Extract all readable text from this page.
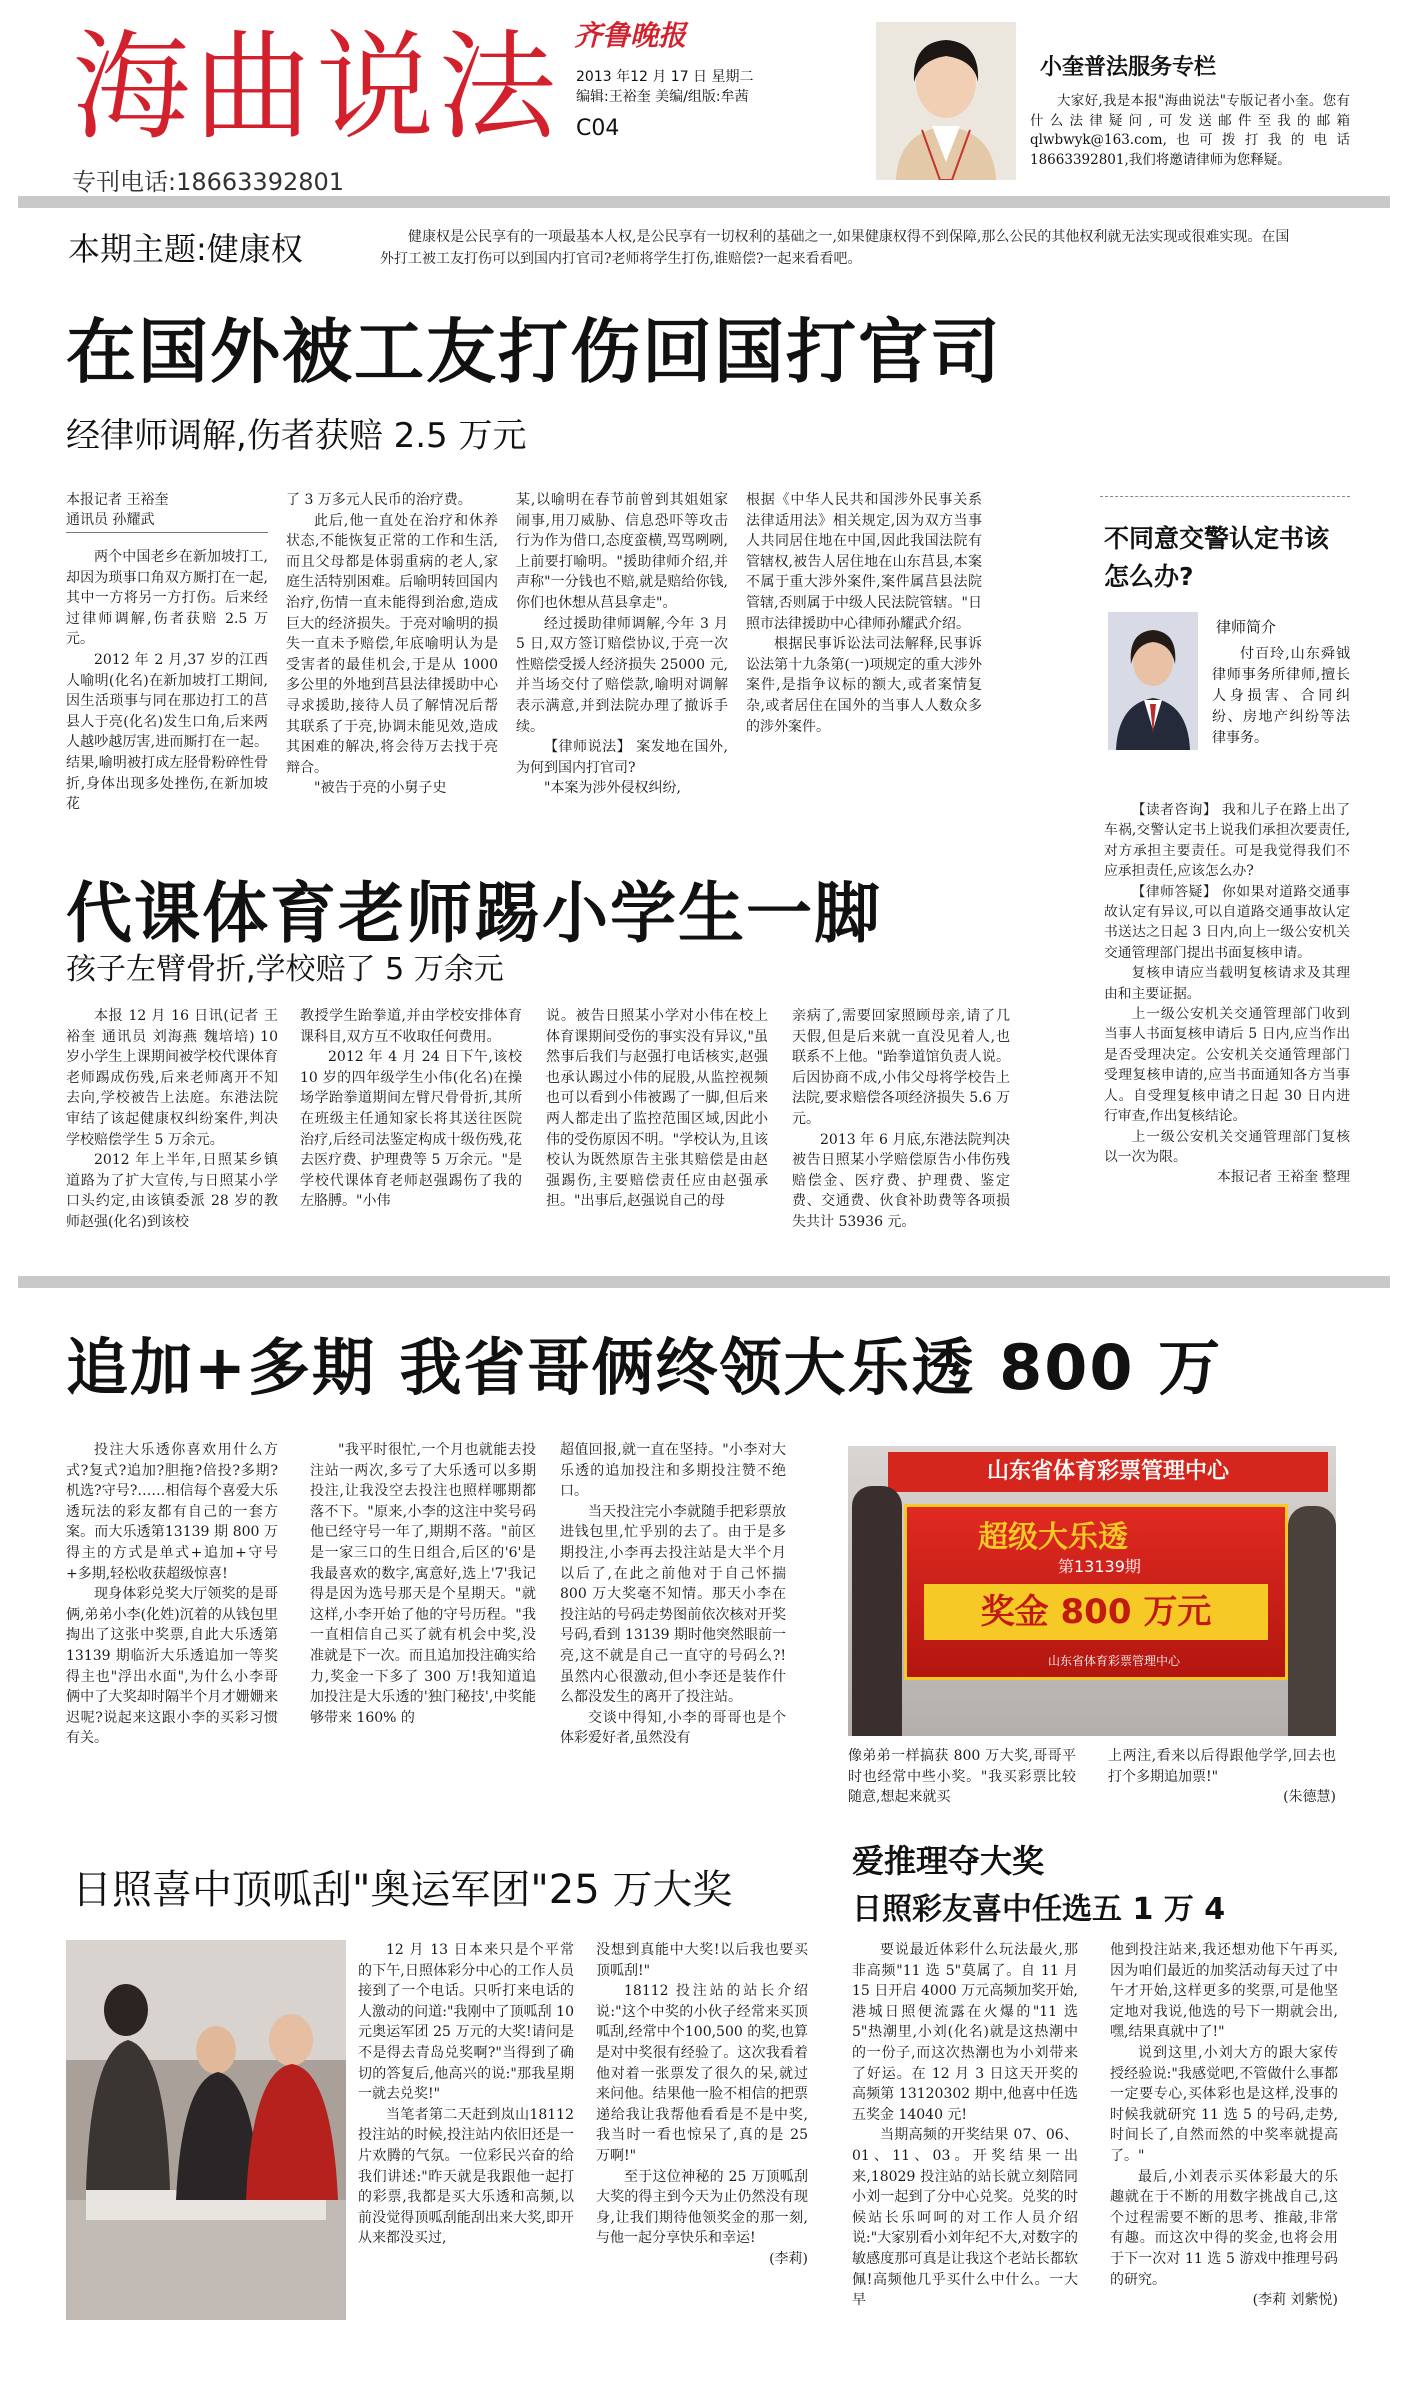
海曲说法 齐鲁晚报
2013 年12 月 17 日 星期二
编辑:王裕奎 美编/组版:牟茜
C04
专刊电话:18663392801
小奎普法服务专栏
大家好,我是本报"海曲说法"专版记者小奎。您有什么法律疑问,可发送邮件至我的邮箱qlwbwyk@163.com,也可拨打我的电话18663392801,我们将邀请律师为您释疑。
本期主题:健康权	健康权是公民享有的一项最基本人权,是公民享有一切权利的基础之一,如果健康权得不到保障,那么公民的其他权利就无法实现或很难实现。在国外打工被工友打伤可以到国内打官司?老师将学生打伤,谁赔偿?一起来看看吧。
在国外被工友打伤回国打官司
经律师调解,伤者获赔 2.5 万元
本报记者 王裕奎
通讯员 孙耀武

两个中国老乡在新加坡打工,却因为琐事口角双方厮打在一起,其中一方将另一方打伤。后来经过律师调解,伤者获赔 2.5 万元。

2012 年 2 月,37 岁的江西人喻明(化名)在新加坡打工期间,因生活琐事与同在那边打工的莒县人于亮(化名)发生口角,后来两人越吵越厉害,进而厮打在一起。结果,喻明被打成左胫骨粉碎性骨折,身体出现多处挫伤,在新加坡花

了 3 万多元人民币的治疗费。

此后,他一直处在治疗和休养状态,不能恢复正常的工作和生活,而且父母都是体弱重病的老人,家庭生活特别困难。后喻明转回国内治疗,伤情一直未能得到治愈,造成巨大的经济损失。于亮对喻明的损失一直未予赔偿,年底喻明认为是受害者的最佳机会,于是从 1000 多公里的外地到莒县法律援助中心寻求援助,接待人员了解情况后帮其联系了于亮,协调未能见效,造成其困难的解决,将会待万去找于亮辩合。

"被告于亮的小舅子史

某,以喻明在春节前曾到其姐姐家闹事,用刀威胁、信息恐吓等攻击行为作为借口,态度蛮横,骂骂咧咧,上前要打喻明。"援助律师介绍,并声称"一分钱也不赔,就是赔给你钱,你们也休想从莒县拿走"。

经过援助律师调解,今年 3 月 5 日,双方签订赔偿协议,于亮一次性赔偿受援人经济损失 25000 元,并当场交付了赔偿款,喻明对调解表示满意,并到法院办理了撤诉手续。

【律师说法】 案发地在国外,为何到国内打官司?

"本案为涉外侵权纠纷,

根据《中华人民共和国涉外民事关系法律适用法》相关规定,因为双方当事人共同居住地在中国,因此我国法院有管辖权,被告人居住地在山东莒县,本案不属于重大涉外案件,案件属莒县法院管辖,否则属于中级人民法院管辖。"日照市法律援助中心律师孙耀武介绍。

根据民事诉讼法司法解释,民事诉讼法第十九条第(一)项规定的重大涉外案件,是指争议标的额大,或者案情复杂,或者居住在国外的当事人人数众多的涉外案件。

代课体育老师踢小学生一脚
孩子左臂骨折,学校赔了 5 万余元

本报 12 月 16 日讯(记者 王裕奎 通讯员 刘海燕 魏培培) 10 岁小学生上课期间被学校代课体育老师踢成伤残,后来老师离开不知去向,学校被告上法庭。东港法院审结了该起健康权纠纷案件,判决学校赔偿学生 5 万余元。

2012 年上半年,日照某乡镇道路为了扩大宣传,与日照某小学口头约定,由该镇委派 28 岁的教师赵强(化名)到该校

教授学生跆拳道,并由学校安排体育课科目,双方互不收取任何费用。

2012 年 4 月 24 日下午,该校 10 岁的四年级学生小伟(化名)在操场学跆拳道期间左臂尺骨骨折,其所在班级主任通知家长将其送往医院治疗,后经司法鉴定构成十级伤残,花去医疗费、护理费等 5 万余元。"是学校代课体育老师赵强踢伤了我的左胳膊。"小伟

说。被告日照某小学对小伟在校上体育课期间受伤的事实没有异议,"虽然事后我们与赵强打电话核实,赵强也承认踢过小伟的屁股,从监控视频也可以看到小伟被踢了一脚,但后来两人都走出了监控范围区域,因此小伟的受伤原因不明。"学校认为,且该校认为既然原告主张其赔偿是由赵强踢伤,主要赔偿责任应由赵强承担。"出事后,赵强说自己的母

亲病了,需要回家照顾母亲,请了几天假,但是后来就一直没见着人,也联系不上他。"跆拳道馆负责人说。后因协商不成,小伟父母将学校告上法院,要求赔偿各项经济损失 5.6 万元。

2013 年 6 月底,东港法院判决被告日照某小学赔偿原告小伟伤残赔偿金、医疗费、护理费、鉴定费、交通费、伙食补助费等各项损失共计 53936 元。

不同意交警认定书该怎么办?
律师简介
付百玲,山东舜钺律师事务所律师,擅长人身损害、合同纠纷、房地产纠纷等法律事务。

【读者咨询】 我和儿子在路上出了车祸,交警认定书上说我们承担次要责任,对方承担主要责任。可是我觉得我们不应承担责任,应该怎么办?

【律师答疑】 你如果对道路交通事故认定有异议,可以自道路交通事故认定书送达之日起 3 日内,向上一级公安机关交通管理部门提出书面复核申请。

复核申请应当载明复核请求及其理由和主要证据。

上一级公安机关交通管理部门收到当事人书面复核申请后 5 日内,应当作出是否受理决定。公安机关交通管理部门受理复核申请的,应当书面通知各方当事人。自受理复核申请之日起 30 日内进行审查,作出复核结论。

上一级公安机关交通管理部门复核以一次为限。

本报记者 王裕奎 整理

追加+多期 我省哥俩终领大乐透 800 万

投注大乐透你喜欢用什么方式?复式?追加?胆拖?倍投?多期?机选?守号?……相信每个喜爱大乐透玩法的彩友都有自己的一套方案。而大乐透第13139 期 800 万得主的方式是单式+追加+守号+多期,轻松收获超级惊喜!

现身体彩兑奖大厅领奖的是哥俩,弟弟小李(化姓)沉着的从钱包里掏出了这张中奖票,自此大乐透第 13139 期临沂大乐透追加一等奖得主也"浮出水面",为什么小李哥俩中了大奖却时隔半个月才姗姗来迟呢?说起来这跟小李的买彩习惯有关。

"我平时很忙,一个月也就能去投注站一两次,多亏了大乐透可以多期投注,让我没空去投注也照样哪期都落不下。"原来,小李的这注中奖号码他已经守号一年了,期期不落。"前区是一家三口的生日组合,后区的'6'是我最喜欢的数字,寓意好,选上'7'我记得是因为选号那天是个星期天。"就这样,小李开始了他的守号历程。"我一直相信自己买了就有机会中奖,没准就是下一次。而且追加投注确实给力,奖金一下多了 300 万!我知道追加投注是大乐透的'独门秘技',中奖能够带来 160% 的

超值回报,就一直在坚持。"小李对大乐透的追加投注和多期投注赞不绝口。

当天投注完小李就随手把彩票放进钱包里,忙乎别的去了。由于是多期投注,小李再去投注站是大半个月以后了,在此之前他对于自己怀揣 800 万大奖毫不知情。那天小李在投注站的号码走势图前依次核对开奖号码,看到 13139 期时他突然眼前一亮,这不就是自己一直守的号码么?!虽然内心很激动,但小李还是装作什么都没发生的离开了投注站。

交谈中得知,小李的哥哥也是个体彩爱好者,虽然没有

山东省体育彩票管理中心
超级大乐透
第13139期
奖金 800 万元
山东省体育彩票管理中心

像弟弟一样搞获 800 万大奖,哥哥平时也经常中些小奖。"我买彩票比较随意,想起来就买

上两注,看来以后得跟他学学,回去也打个多期追加票!"

(朱德慧)

日照喜中顶呱刮"奥运军团"25 万大奖

12 月 13 日本来只是个平常的下午,日照体彩分中心的工作人员接到了一个电话。只听打来电话的人激动的问道:"我刚中了顶呱刮 10 元奥运军团 25 万元的大奖!请问是不是得去青岛兑奖啊?"当得到了确切的答复后,他高兴的说:"那我星期一就去兑奖!"

当笔者第二天赶到岚山18112 投注站的时候,投注站内依旧还是一片欢腾的气氛。一位彩民兴奋的给我们讲述:"昨天就是我跟他一起打的彩票,我都是买大乐透和高频,以前没觉得顶呱刮能刮出来大奖,即开从来都没买过,

没想到真能中大奖!以后我也要买顶呱刮!"

18112 投注站的站长介绍说:"这个中奖的小伙子经常来买顶呱刮,经常中个100,500 的奖,也算是对中奖很有经验了。这次我看着他对着一张票发了很久的呆,就过来问他。结果他一脸不相信的把票递给我让我帮他看看是不是中奖,我当时一看也惊呆了,真的是 25 万啊!"

至于这位神秘的 25 万顶呱刮大奖的得主到今天为止仍然没有现身,让我们期待他领奖金的那一刻,与他一起分享快乐和幸运!

(李莉)

爱推理夺大奖
日照彩友喜中任选五 1 万 4

要说最近体彩什么玩法最火,那非高频"11 选 5"莫属了。自 11 月 15 日开启 4000 万元高频加奖开始,港城日照便流露在火爆的"11 选 5"热潮里,小刘(化名)就是这热潮中的一份子,而这次热潮也为小刘带来了好运。在 12 月 3 日这天开奖的高频第 13120302 期中,他喜中任选五奖金 14040 元!

当期高频的开奖结果 07、06、01、11、03。开奖结果一出来,18029 投注站的站长就立刻陪同小刘一起到了分中心兑奖。兑奖的时候站长乐呵呵的对工作人员介绍说:"大家别看小刘年纪不大,对数字的敏感度那可真是让我这个老站长都软佩!高频他几乎买什么中什么。一大早

他到投注站来,我还想劝他下午再买,因为咱们最近的加奖活动每天过了中午才开始,这样更多的奖票,可是他坚定地对我说,他选的号下一期就会出,嘿,结果真就中了!"

说到这里,小刘大方的跟大家传授经验说:"我感觉吧,不管做什么事都一定要专心,买体彩也是这样,没事的时候我就研究 11 选 5 的号码,走势,时间长了,自然而然的中奖率就提高了。"

最后,小刘表示买体彩最大的乐趣就在于不断的用数字挑战自己,这个过程需要不断的思考、推敲,非常有趣。而这次中得的奖金,也将会用于下一次对 11 选 5 游戏中推理号码的研究。

(李莉 刘紫悦)
